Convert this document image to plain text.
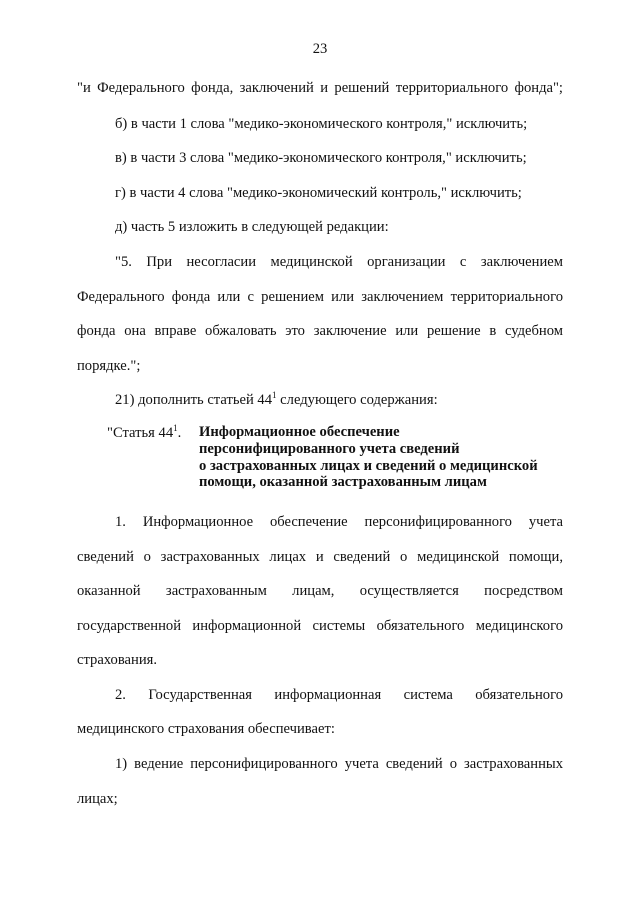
23
"и Федерального фонда, заключений и решений территориального фонда";
б) в части 1 слова "медико-экономического контроля," исключить;
в) в части 3 слова "медико-экономического контроля," исключить;
г) в части 4 слова "медико-экономический контроль," исключить;
д) часть 5 изложить в следующей редакции:
"5. При несогласии медицинской организации с заключением
Федерального фонда или с решением или заключением территориального
фонда она вправе обжаловать это заключение или решение в судебном
порядке.";
21) дополнить статьей $44^1$ следующего содержания:
"Статья $44^1$. Информационное обеспечение
персонифицированного учета сведений
о застрахованных лицах и сведений о медицинской
помощи, оказанной застрахованным лицам
1. Информационное обеспечение персонифицированного учета
сведений о застрахованных лицах и сведений о медицинской помощи,
оказанной застрахованным лицам, осуществляется посредством
государственной информационной системы обязательного медицинского
страхования.
2. Государственная информационная система обязательного
медицинского страхования обеспечивает:
1) ведение персонифицированного учета сведений о застрахованных
лицах;
